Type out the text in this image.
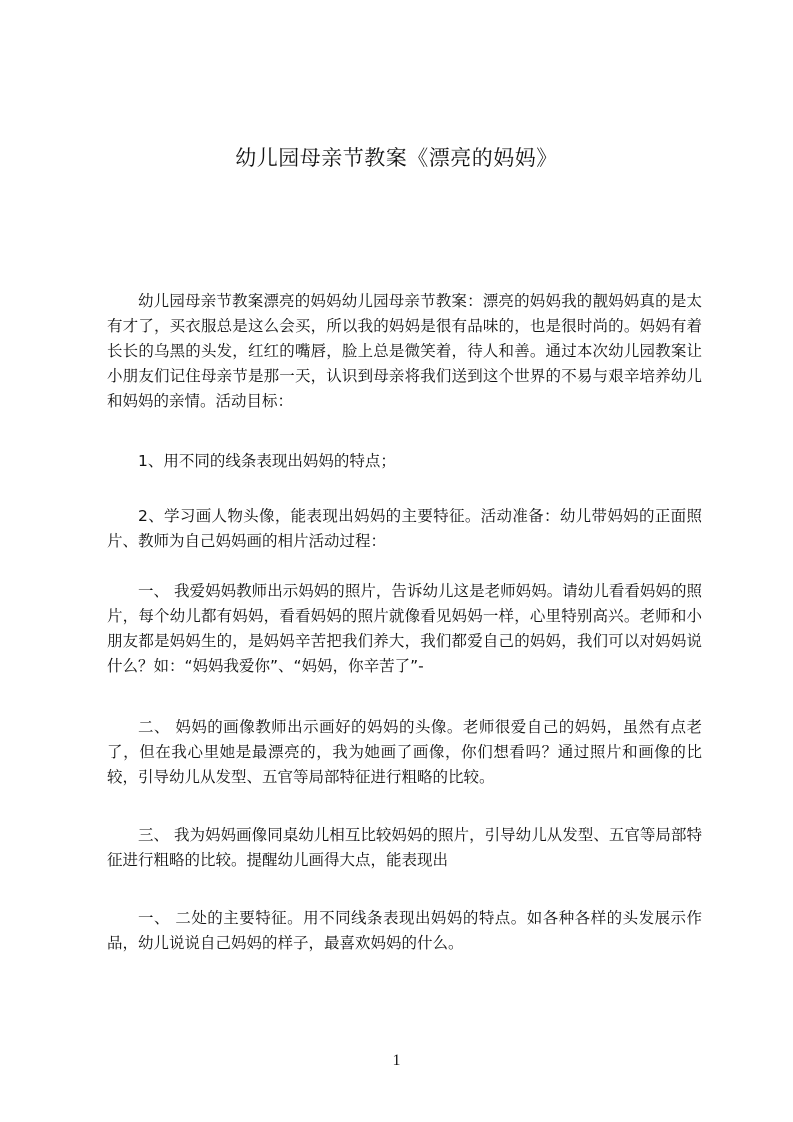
幼儿园母亲节教案《漂亮的妈妈》

幼儿园母亲节教案漂亮的妈妈幼儿园母亲节教案：漂亮的妈妈我的靓妈妈真的是太有才了，买衣服总是这么会买，所以我的妈妈是很有品味的，也是很时尚的。妈妈有着长长的乌黑的头发，红红的嘴唇，脸上总是微笑着，待人和善。通过本次幼儿园教案让小朋友们记住母亲节是那一天，认识到母亲将我们送到这个世界的不易与艰辛培养幼儿和妈妈的亲情。活动目标：

1、用不同的线条表现出妈妈的特点；

2、学习画人物头像，能表现出妈妈的主要特征。活动准备：幼儿带妈妈的正面照片、教师为自己妈妈画的相片活动过程：

一、 我爱妈妈教师出示妈妈的照片，告诉幼儿这是老师妈妈。请幼儿看看妈妈的照片，每个幼儿都有妈妈，看看妈妈的照片就像看见妈妈一样，心里特别高兴。老师和小朋友都是妈妈生的，是妈妈辛苦把我们养大，我们都爱自己的妈妈，我们可以对妈妈说什么？如：“妈妈我爱你”、“妈妈，你辛苦了”-

二、 妈妈的画像教师出示画好的妈妈的头像。老师很爱自己的妈妈，虽然有点老了，但在我心里她是最漂亮的，我为她画了画像，你们想看吗？通过照片和画像的比较，引导幼儿从发型、五官等局部特征进行粗略的比较。

三、 我为妈妈画像同桌幼儿相互比较妈妈的照片，引导幼儿从发型、五官等局部特征进行粗略的比较。提醒幼儿画得大点，能表现出

一、 二处的主要特征。用不同线条表现出妈妈的特点。如各种各样的头发展示作品，幼儿说说自己妈妈的样子，最喜欢妈妈的什么。

1
